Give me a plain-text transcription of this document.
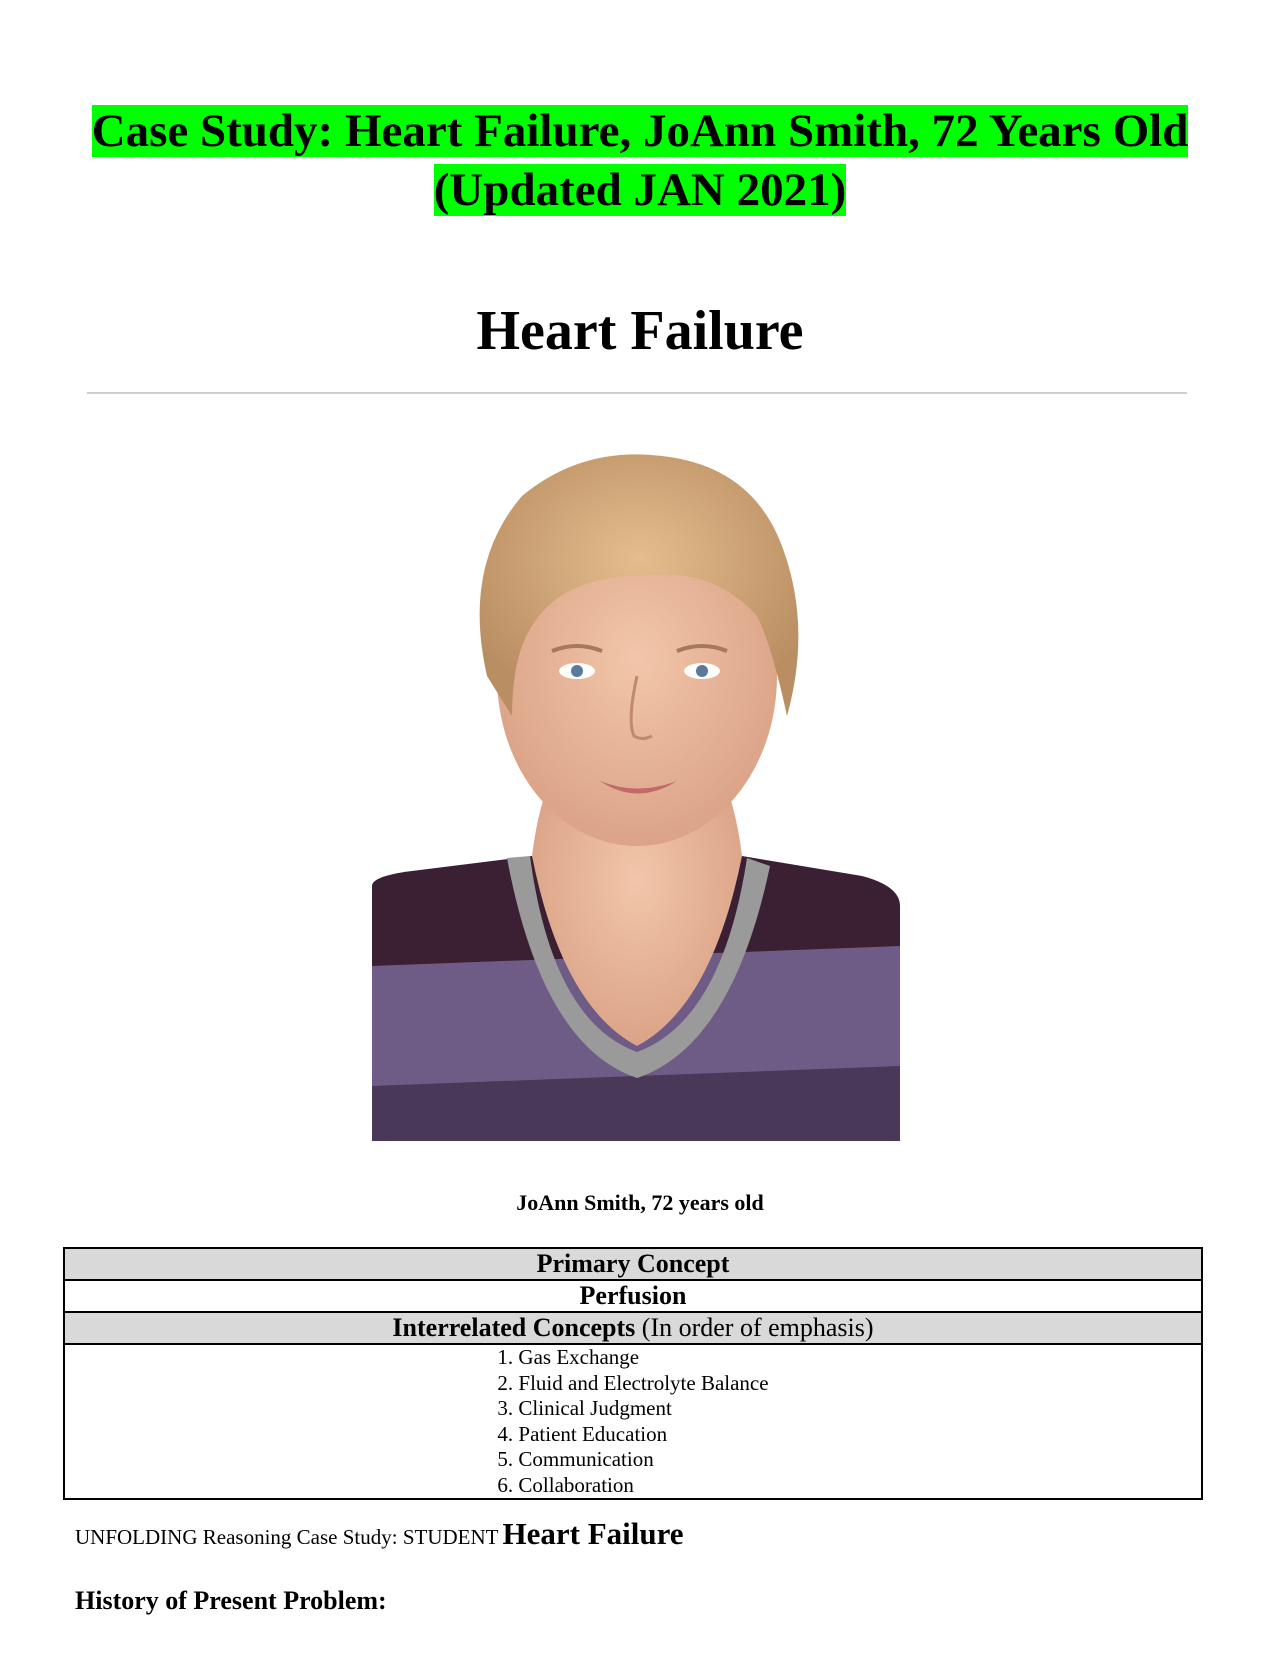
Case Study: Heart Failure, JoAnn Smith, 72 Years Old
(Updated JAN 2021)
Heart Failure
JoAnn Smith, 72 years old
Primary Concept
Perfusion
Interrelated Concepts (In order of emphasis)

1. Gas Exchange
2. Fluid and Electrolyte Balance
3. Clinical Judgment
4. Patient Education
5. Communication
6. Collaboration
UNFOLDING Reasoning Case Study: STUDENT Heart Failure
History of Present Problem:
